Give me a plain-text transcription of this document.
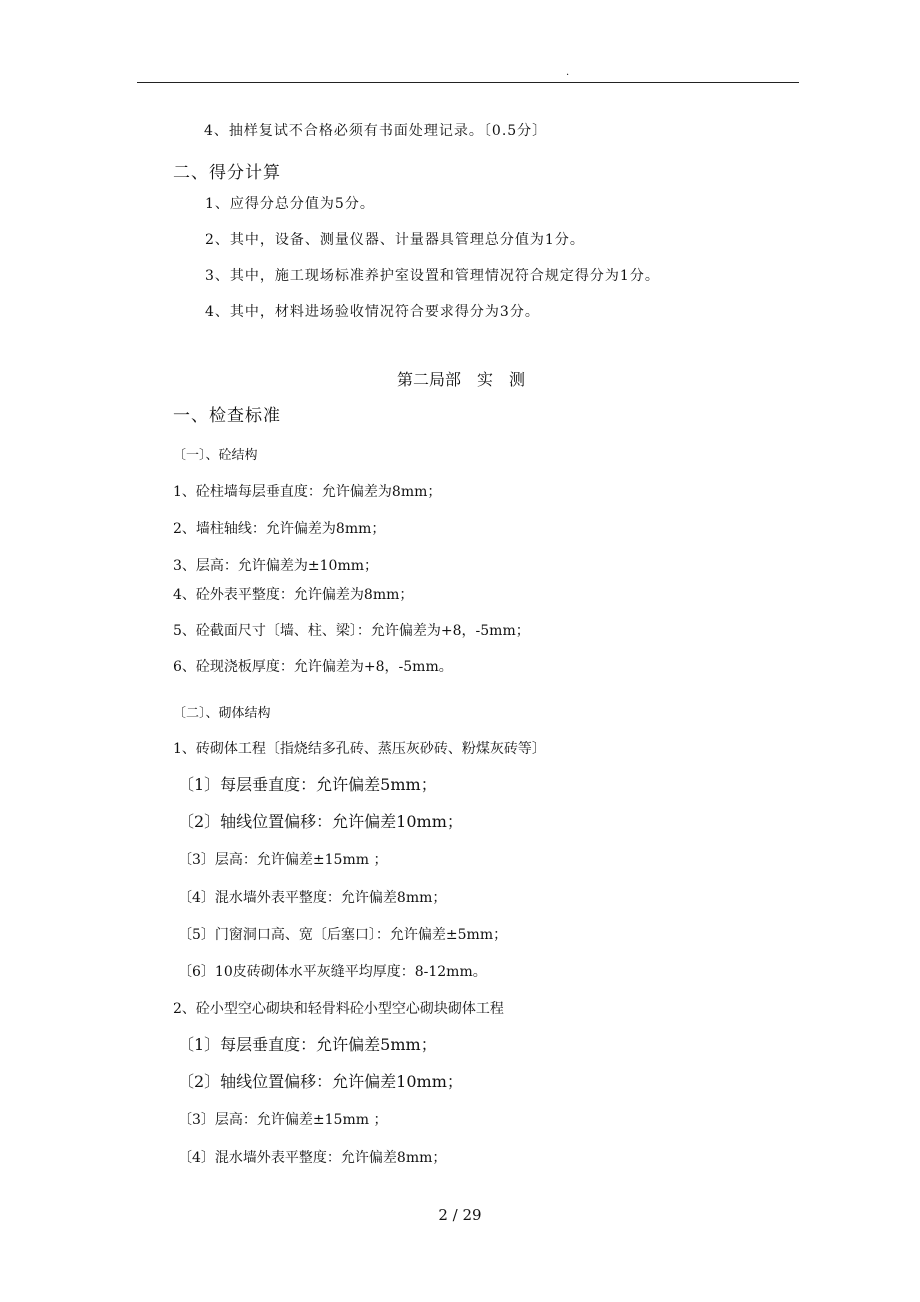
.
4、抽样复试不合格必须有书面处理记录。〔0.5分〕
二、得分计算
1、应得分总分值为5分。
2、其中，设备、测量仪器、计量器具管理总分值为1分。
3、其中，施工现场标准养护室设置和管理情况符合规定得分为1分。
4、其中，材料进场验收情况符合要求得分为3分。
第二局部　实　测
一、检查标准
〔一〕、砼结构
1、砼柱墙每层垂直度：允许偏差为8mm；
2、墙柱轴线：允许偏差为8mm；
3、层高：允许偏差为±10mm；
4、砼外表平整度：允许偏差为8mm；
5、砼截面尺寸〔墙、柱、梁〕：允许偏差为+8，-5mm；
6、砼现浇板厚度：允许偏差为+8，-5mm。
〔二〕、砌体结构
1、砖砌体工程〔指烧结多孔砖、蒸压灰砂砖、粉煤灰砖等〕
〔1〕每层垂直度：允许偏差5mm；
〔2〕轴线位置偏移：允许偏差10mm；
〔3〕层高：允许偏差±15mm ；
〔4〕混水墙外表平整度：允许偏差8mm；
〔5〕门窗洞口高、宽〔后塞口〕：允许偏差±5mm；
〔6〕10皮砖砌体水平灰缝平均厚度：8-12mm。
2、砼小型空心砌块和轻骨料砼小型空心砌块砌体工程
〔1〕每层垂直度：允许偏差5mm；
〔2〕轴线位置偏移：允许偏差10mm；
〔3〕层高：允许偏差±15mm ；
〔4〕混水墙外表平整度：允许偏差8mm；
2 / 29
